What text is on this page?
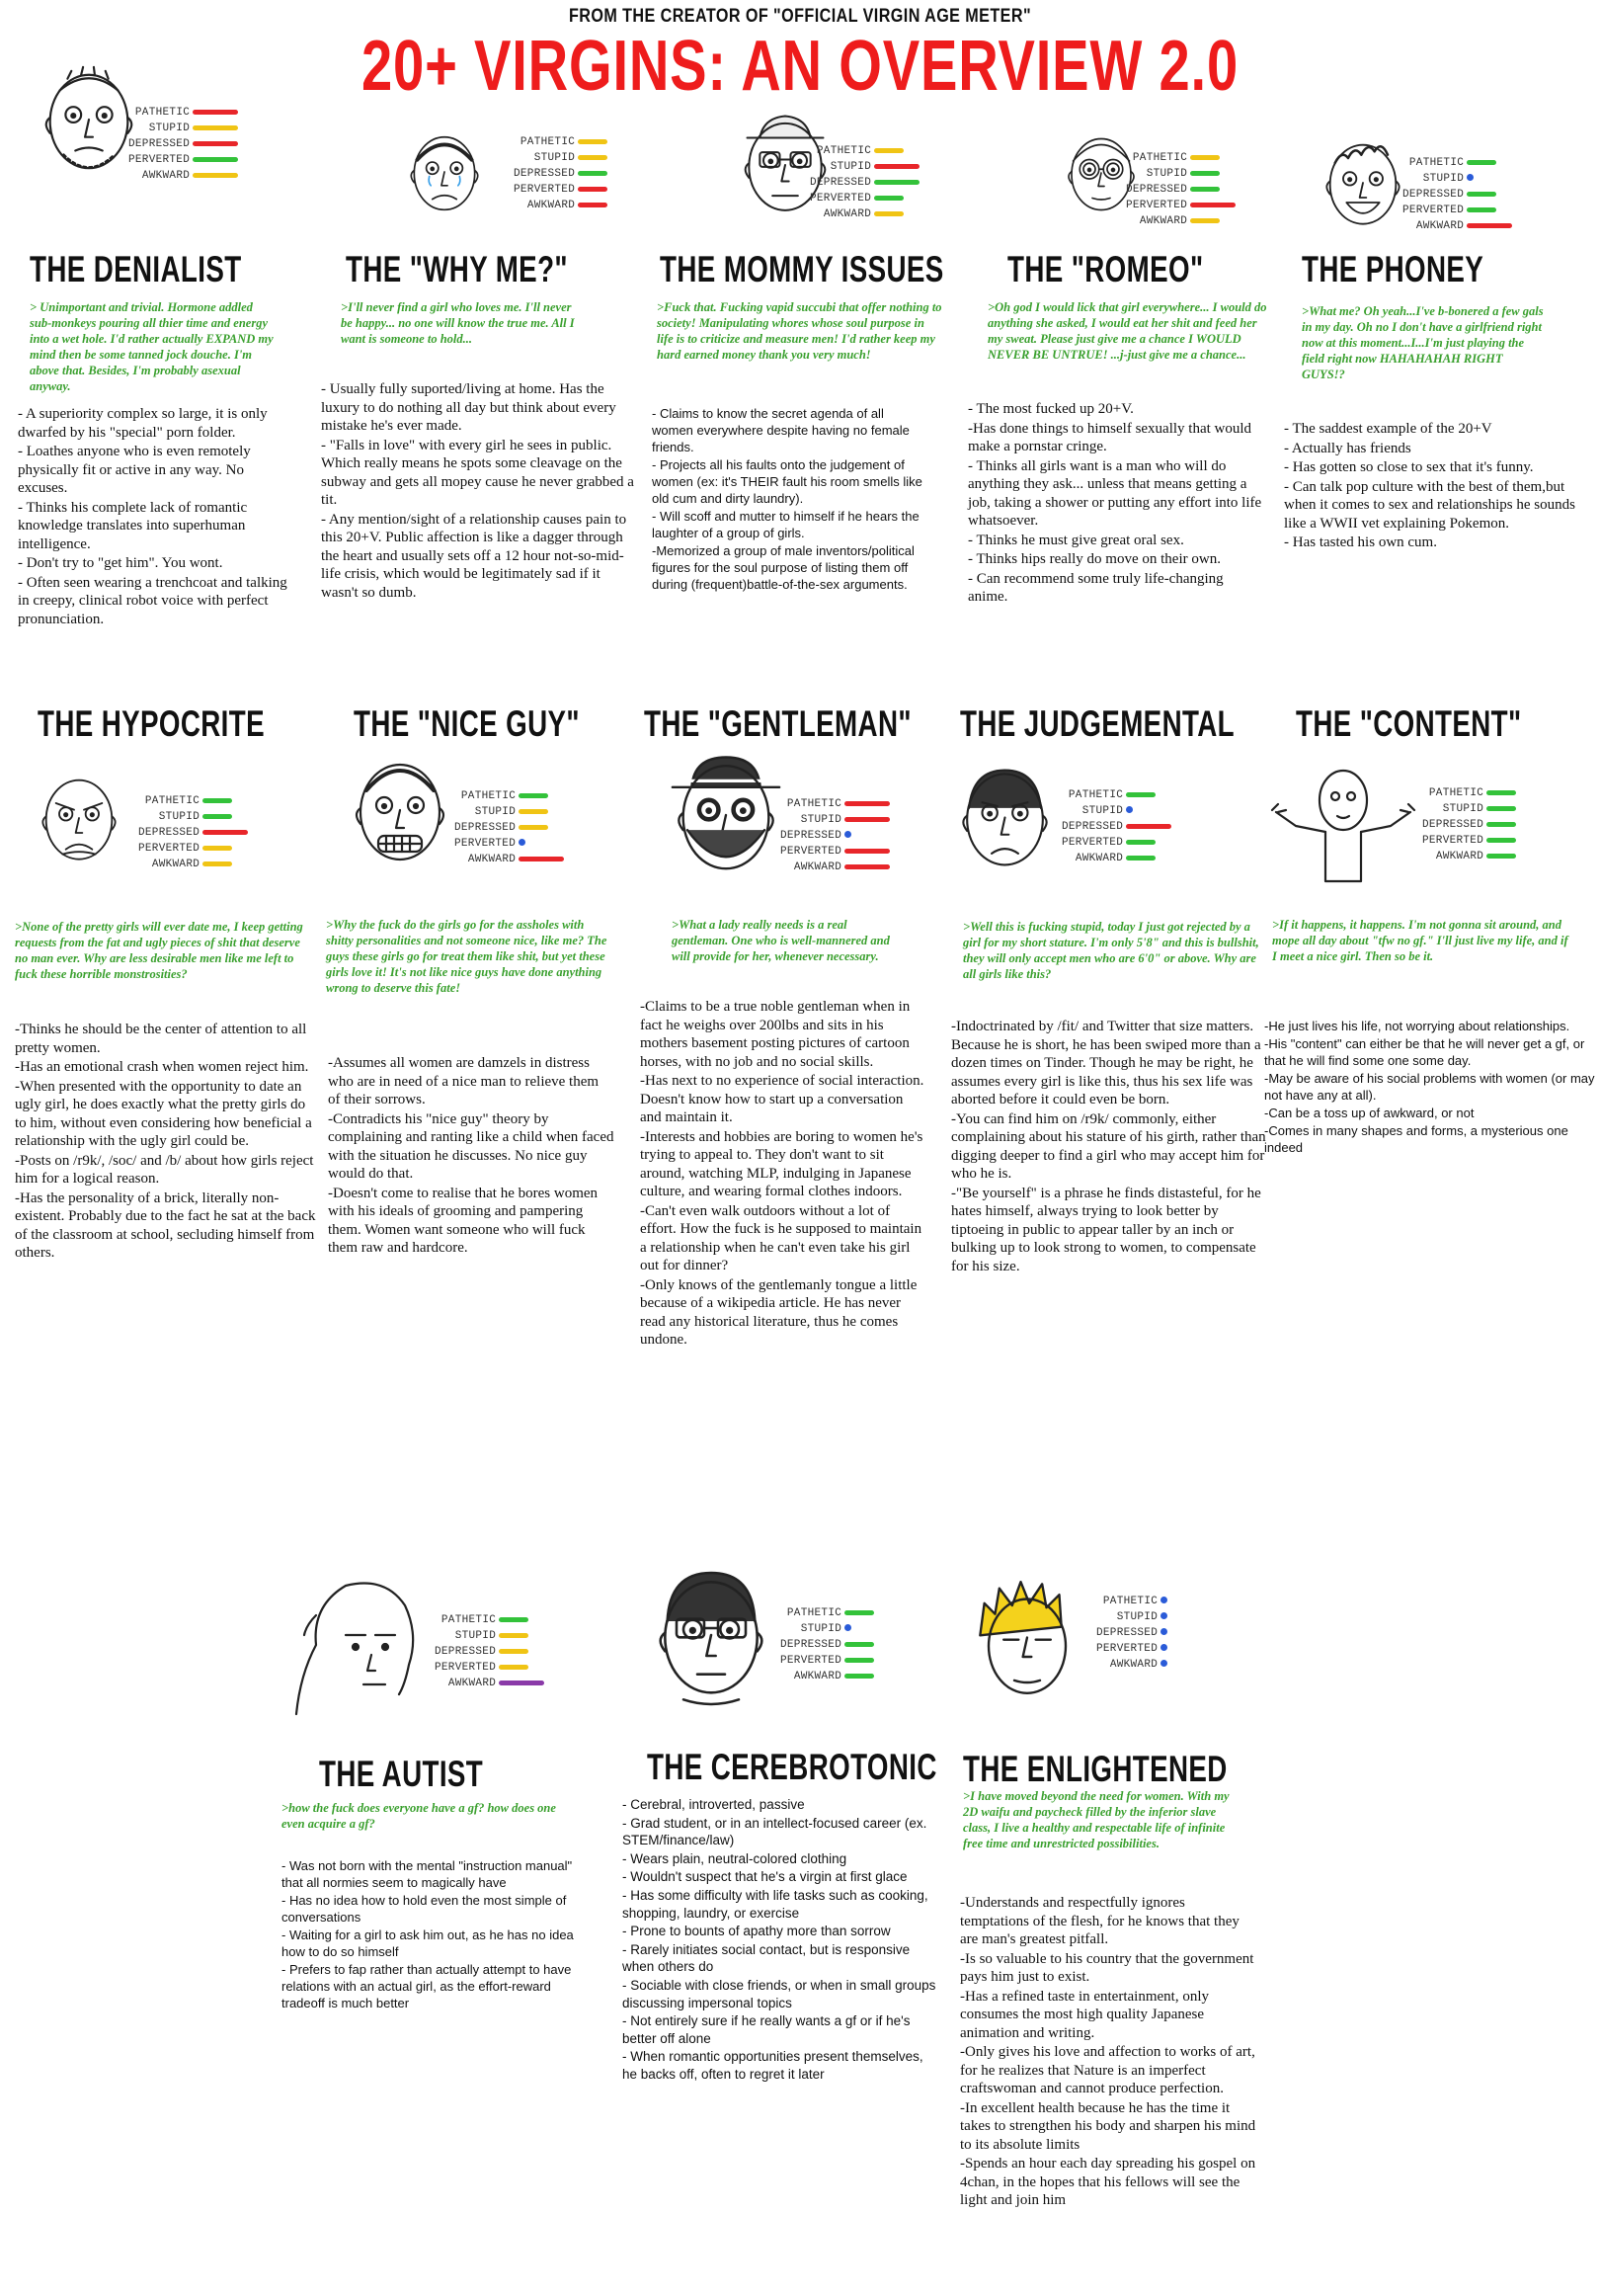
FROM THE CREATOR OF "OFFICIAL VIRGIN AGE METER"
20+ VIRGINS: AN OVERVIEW 2.0
PATHETIC
STUPID
DEPRESSED
PERVERTED
AWKWARD
THE DENIALIST
> Unimportant and trivial. Hormone addled sub-monkeys pouring all thier time and energy into a wet hole. I'd rather actually EXPAND my mind then be some tanned jock douche. I'm above that. Besides, I'm probably asexual anyway.

- A superiority complex so large, it is only dwarfed by his "special" porn folder.

- Loathes anyone who is even remotely physically fit or active in any way. No excuses.

- Thinks his complete lack of romantic knowledge translates into superhuman intelligence.

- Don't try to "get him". You wont.

- Often seen wearing a trenchcoat and talking in creepy, clinical robot voice with perfect pronunciation.

PATHETIC
STUPID
DEPRESSED
PERVERTED
AWKWARD
THE "WHY ME?"
>I'll never find a girl who loves me. I'll never be happy... no one will know the true me. All I want is someone to hold...

- Usually fully suported/living at home. Has the luxury to do nothing all day but think about every mistake he's ever made.

- "Falls in love" with every girl he sees in public. Which really means he spots some cleavage on the subway and gets all mopey cause he never grabbed a tit.

- Any mention/sight of a relationship causes pain to this 20+V. Public affection is like a dagger through the heart and usually sets off a 12 hour not-so-mid-life crisis, which would be legitimately sad if it wasn't so dumb.

PATHETIC
STUPID
DEPRESSED
PERVERTED
AWKWARD
THE MOMMY ISSUES
>Fuck that. Fucking vapid succubi that offer nothing to society! Manipulating whores whose soul purpose in life is to criticize and measure men! I'd rather keep my hard earned money thank you very much!

- Claims to know the secret agenda of all women everywhere despite having no female friends.

- Projects all his faults onto the judgement of women (ex: it's THEIR fault his room smells like old cum and dirty laundry).

- Will scoff and mutter to himself if he hears the laughter of a group of girls.

-Memorized a group of male inventors/political figures for the soul purpose of listing them off during (frequent)battle-of-the-sex arguments.

PATHETIC
STUPID
DEPRESSED
PERVERTED
AWKWARD
THE "ROMEO"
>Oh god I would lick that girl everywhere... I would do anything she asked, I would eat her shit and feed her my sweat. Please just give me a chance I WOULD NEVER BE UNTRUE! ...j-just give me a chance...

- The most fucked up 20+V.

-Has done things to himself sexually that would make a pornstar cringe.

- Thinks all girls want is a man who will do anything they ask... unless that means getting a job, taking a shower or putting any effort into life whatsoever.

- Thinks he must give great oral sex.

- Thinks hips really do move on their own.

- Can recommend some truly life-changing anime.

PATHETIC
STUPID
DEPRESSED
PERVERTED
AWKWARD
THE PHONEY
>What me? Oh yeah...I've b-bonered a few gals in my day. Oh no I don't have a girlfriend right now at this moment...I...I'm just playing the field right now HAHAHAHAH RIGHT GUYS!?

- The saddest example of the 20+V

- Actually has friends

- Has gotten so close to sex that it's funny.

- Can talk pop culture with the best of them,but when it comes to sex and relationships he sounds like a WWII vet explaining Pokemon.

- Has tasted his own cum.

PATHETIC
STUPID
DEPRESSED
PERVERTED
AWKWARD
THE HYPOCRITE
>None of the pretty girls will ever date me, I keep getting requests from the fat and ugly pieces of shit that deserve no man ever. Why are less desirable men like me left to fuck these horrible monstrosities?

-Thinks he should be the center of attention to all pretty women.

-Has an emotional crash when women reject him.

-When presented with the opportunity to date an ugly girl, he does exactly what the pretty girls do to him, without even considering how beneficial a relationship with the ugly girl could be.

-Posts on /r9k/, /soc/ and /b/ about how girls reject him for a logical reason.

-Has the personality of a brick, literally non-existent. Probably due to the fact he sat at the back of the classroom at school, secluding himself from others.

PATHETIC
STUPID
DEPRESSED
PERVERTED
AWKWARD
THE "NICE GUY"
>Why the fuck do the girls go for the assholes with shitty personalities and not someone nice, like me? The guys these girls go for treat them like shit, but yet these girls love it! It's not like nice guys have done anything wrong to deserve this fate!

-Assumes all women are damzels in distress who are in need of a nice man to relieve them of their sorrows.

-Contradicts his "nice guy" theory by complaining and ranting like a child when faced with the situation he discusses. No nice guy would do that.

-Doesn't come to realise that he bores women with his ideals of grooming and pampering them. Women want someone who will fuck them raw and hardcore.

PATHETIC
STUPID
DEPRESSED
PERVERTED
AWKWARD
THE "GENTLEMAN"
>What a lady really needs is a real gentleman. One who is well-mannered and will provide for her, whenever necessary.

-Claims to be a true noble gentleman when in fact he weighs over 200lbs and sits in his mothers basement posting pictures of cartoon horses, with no job and no social skills.

-Has next to no experience of social interaction. Doesn't know how to start up a conversation and maintain it.

-Interests and hobbies are boring to women he's trying to appeal to. They don't want to sit around, watching MLP, indulging in Japanese culture, and wearing formal clothes indoors.

-Can't even walk outdoors without a lot of effort. How the fuck is he supposed to maintain a relationship when he can't even take his girl out for dinner?

-Only knows of the gentlemanly tongue a little because of a wikipedia article. He has never read any historical literature, thus he comes undone.

PATHETIC
STUPID
DEPRESSED
PERVERTED
AWKWARD
THE JUDGEMENTAL
>Well this is fucking stupid, today I just got rejected by a girl for my short stature. I'm only 5'8" and this is bullshit, they will only accept men who are 6'0" or above. Why are all girls like this?

-Indoctrinated by /fit/ and Twitter that size matters. Because he is short, he has been swiped more than a dozen times on Tinder. Though he may be right, he assumes every girl is like this, thus his sex life was aborted before it could even be born.

-You can find him on /r9k/ commonly, either complaining about his stature of his girth, rather than digging deeper to find a girl who may accept him for who he is.

-"Be yourself" is a phrase he finds distasteful, for he hates himself, always trying to look better by tiptoeing in public to appear taller by an inch or bulking up to look strong to women, to compensate for his size.

PATHETIC
STUPID
DEPRESSED
PERVERTED
AWKWARD
THE "CONTENT"
>If it happens, it happens. I'm not gonna sit around, and mope all day about "tfw no gf." I'll just live my life, and if I meet a nice girl. Then so be it.

-He just lives his life, not worrying about relationships.

-His "content" can either be that he will never get a gf, or that he will find some one some day.

-May be aware of his social problems with women (or may not have any at all).

-Can be a toss up of awkward, or not

-Comes in many shapes and forms, a mysterious one indeed

PATHETIC
STUPID
DEPRESSED
PERVERTED
AWKWARD
THE AUTIST
>how the fuck does everyone have a gf? how does one even acquire a gf?

- Was not born with the mental "instruction manual" that all normies seem to magically have

- Has no idea how to hold even the most simple of conversations

- Waiting for a girl to ask him out, as he has no idea how to do so himself

- Prefers to fap rather than actually attempt to have relations with an actual girl, as the effort-reward tradeoff is much better

PATHETIC
STUPID
DEPRESSED
PERVERTED
AWKWARD
THE CEREBROTONIC

- Cerebral, introverted, passive

- Grad student, or in an intellect-focused career (ex. STEM/finance/law)

- Wears plain, neutral-colored clothing

- Wouldn't suspect that he's a virgin at first glace

- Has some difficulty with life tasks such as cooking, shopping, laundry, or exercise

- Prone to bounts of apathy more than sorrow

- Rarely initiates social contact, but is responsive when others do

- Sociable with close friends, or when in small groups discussing impersonal topics

- Not entirely sure if he really wants a gf or if he's better off alone

- When romantic opportunities present themselves, he backs off, often to regret it later

PATHETIC
STUPID
DEPRESSED
PERVERTED
AWKWARD
THE ENLIGHTENED
>I have moved beyond the need for women. With my 2D waifu and paycheck filled by the inferior slave class, I live a healthy and respectable life of infinite free time and unrestricted possibilities.

-Understands and respectfully ignores temptations of the flesh, for he knows that they are man's greatest pitfall.

-Is so valuable to his country that the government pays him just to exist.

-Has a refined taste in entertainment, only consumes the most high quality Japanese animation and writing.

-Only gives his love and affection to works of art, for he realizes that Nature is an imperfect craftswoman and cannot produce perfection.

-In excellent health because he has the time it takes to strengthen his body and sharpen his mind to its absolute limits

-Spends an hour each day spreading his gospel on 4chan, in the hopes that his fellows will see the light and join him
